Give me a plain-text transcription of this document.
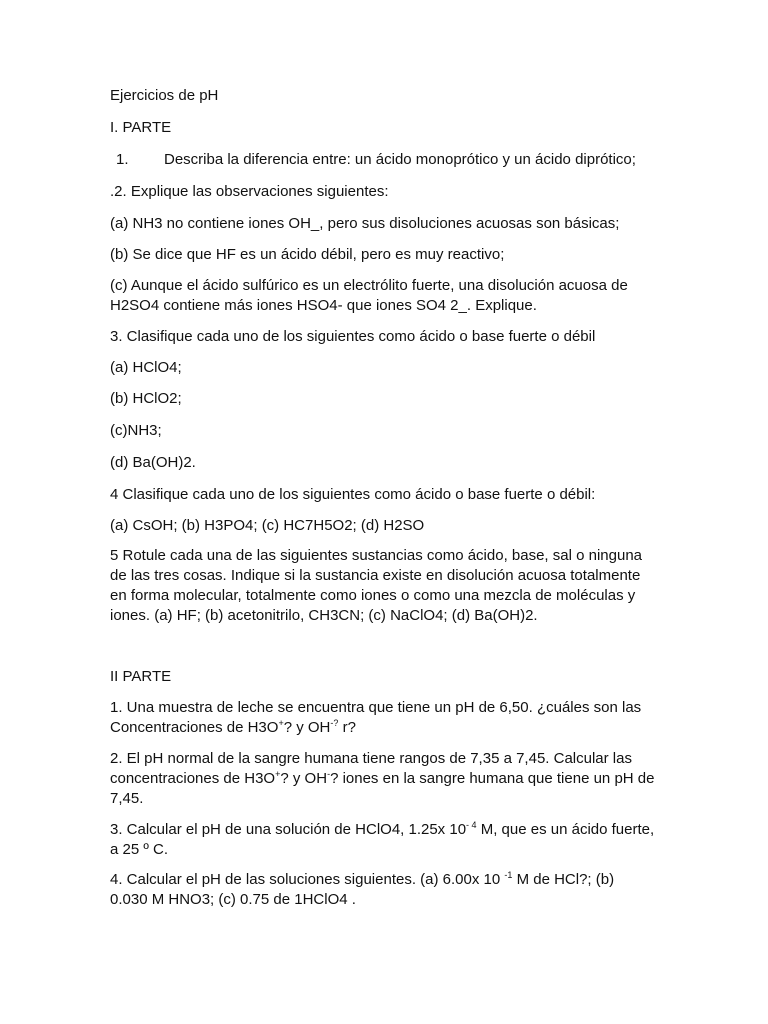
Ejercicios de pH

I. PARTE

1. Describa la diferencia entre: un ácido monoprótico y un ácido diprótico;

.2. Explique las observaciones siguientes:

(a) NH3 no contiene iones OH_, pero sus disoluciones acuosas son básicas;

(b) Se dice que HF es un ácido débil, pero es muy reactivo;

(c) Aunque el ácido sulfúrico es un electrólito fuerte, una disolución acuosa de H2SO4 contiene más iones HSO4- que iones SO4 2_. Explique.

3. Clasifique cada uno de los siguientes como ácido o base fuerte o débil

(a) HClO4;

(b) HClO2;

(c)NH3;

(d) Ba(OH)2.

4 Clasifique cada uno de los siguientes como ácido o base fuerte o débil:

(a) CsOH; (b) H3PO4; (c) HC7H5O2; (d) H2SO

5 Rotule cada una de las siguientes sustancias como ácido, base, sal o ninguna de las tres cosas. Indique si la sustancia existe en disolución acuosa totalmente en forma molecular, totalmente como iones o como una mezcla de moléculas y iones. (a) HF; (b) acetonitrilo, CH3CN; (c) NaClO4; (d) Ba(OH)2.

II PARTE

1. Una muestra de leche se encuentra que tiene un pH de 6,50. ¿cuáles son las Concentraciones de H3O+? y OH-? r?

2. El pH normal de la sangre humana tiene rangos de 7,35 a 7,45. Calcular las concentraciones de H3O+? y OH-? iones en la sangre humana que tiene un pH de 7,45.

3. Calcular el pH de una solución de HClO4, 1.25x $10^{- 4}$ M, que es un ácido fuerte, a 25 º C.

4. Calcular el pH de las soluciones siguientes. (a) 6.00x 10 $^{-1}$ M de HCl?; (b) 0.030 M HNO3; (c) 0.75 de 1HClO4 .
